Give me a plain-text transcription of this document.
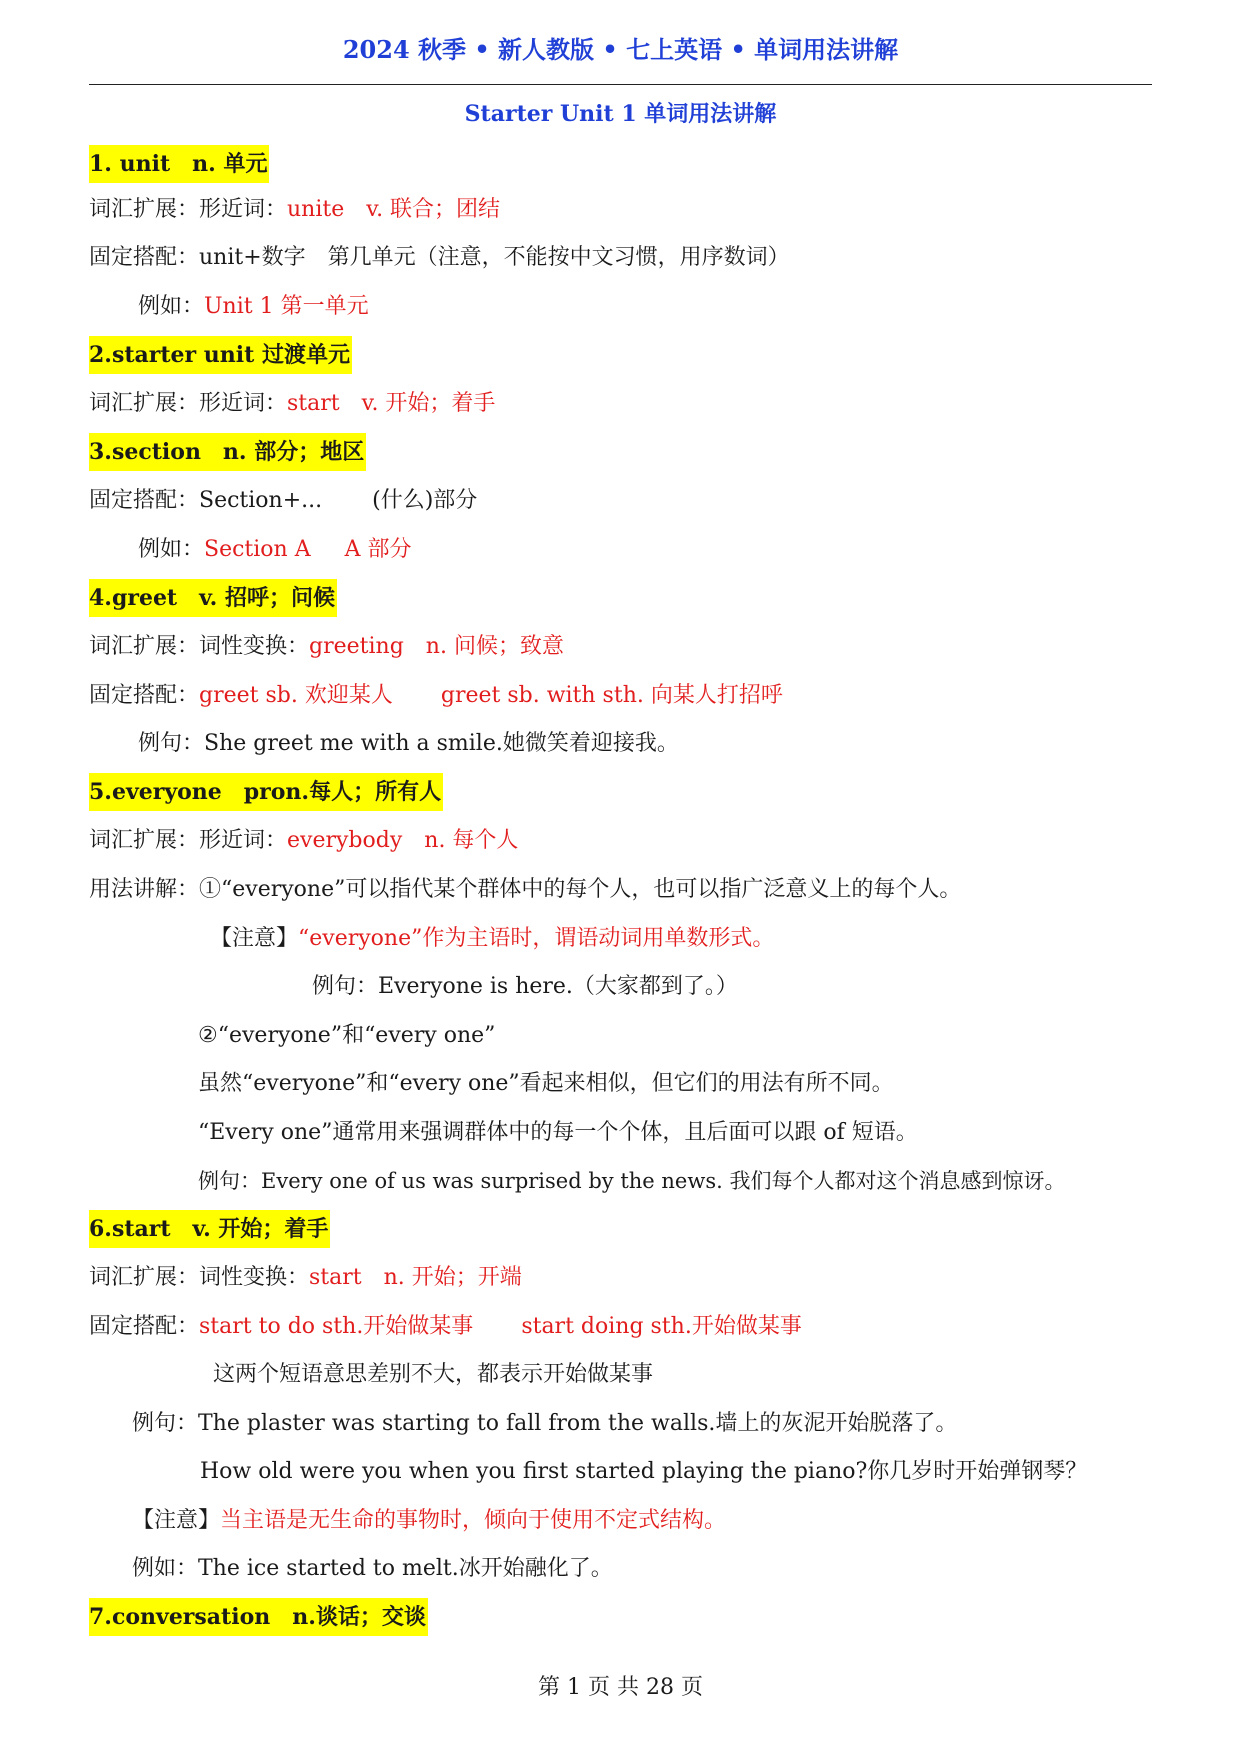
2024 秋季 • 新人教版 • 七上英语 • 单词用法讲解
Starter Unit 1 单词用法讲解
1. unit　n. 单元
词汇扩展：形近词：unite　v. 联合；团结
固定搭配：unit+数字　第几单元（注意，不能按中文习惯，用序数词）
例如：Unit 1 第一单元
2.starter unit 过渡单元
词汇扩展：形近词：start　v. 开始；着手
3.section　n. 部分；地区
固定搭配：Section+... (什么)部分
例如：Section A A 部分
4.greet　v. 招呼；问候
词汇扩展：词性变换：greeting　n. 问候；致意
固定搭配：greet sb. 欢迎某人 greet sb. with sth. 向某人打招呼
例句：She greet me with a smile.她微笑着迎接我。
5.everyone　pron.每人；所有人
词汇扩展：形近词：everybody　n. 每个人
用法讲解：①“everyone”可以指代某个群体中的每个人，也可以指广泛意义上的每个人。
【注意】“everyone”作为主语时，谓语动词用单数形式。
例句：Everyone is here.（大家都到了。）
②“everyone”和“every one”
虽然“everyone”和“every one”看起来相似，但它们的用法有所不同。
“Every one”通常用来强调群体中的每一个个体，且后面可以跟 of 短语。
例句：Every one of us was surprised by the news. 我们每个人都对这个消息感到惊讶。
6.start　v. 开始；着手
词汇扩展：词性变换：start　n. 开始；开端
固定搭配：start to do sth.开始做某事 start doing sth.开始做某事
这两个短语意思差别不大，都表示开始做某事
例句：The plaster was starting to fall from the walls.墙上的灰泥开始脱落了。
How old were you when you first started playing the piano?你几岁时开始弹钢琴？
【注意】当主语是无生命的事物时，倾向于使用不定式结构。
例如：The ice started to melt.冰开始融化了。
7.conversation　n.谈话；交谈
第 1 页 共 28 页
